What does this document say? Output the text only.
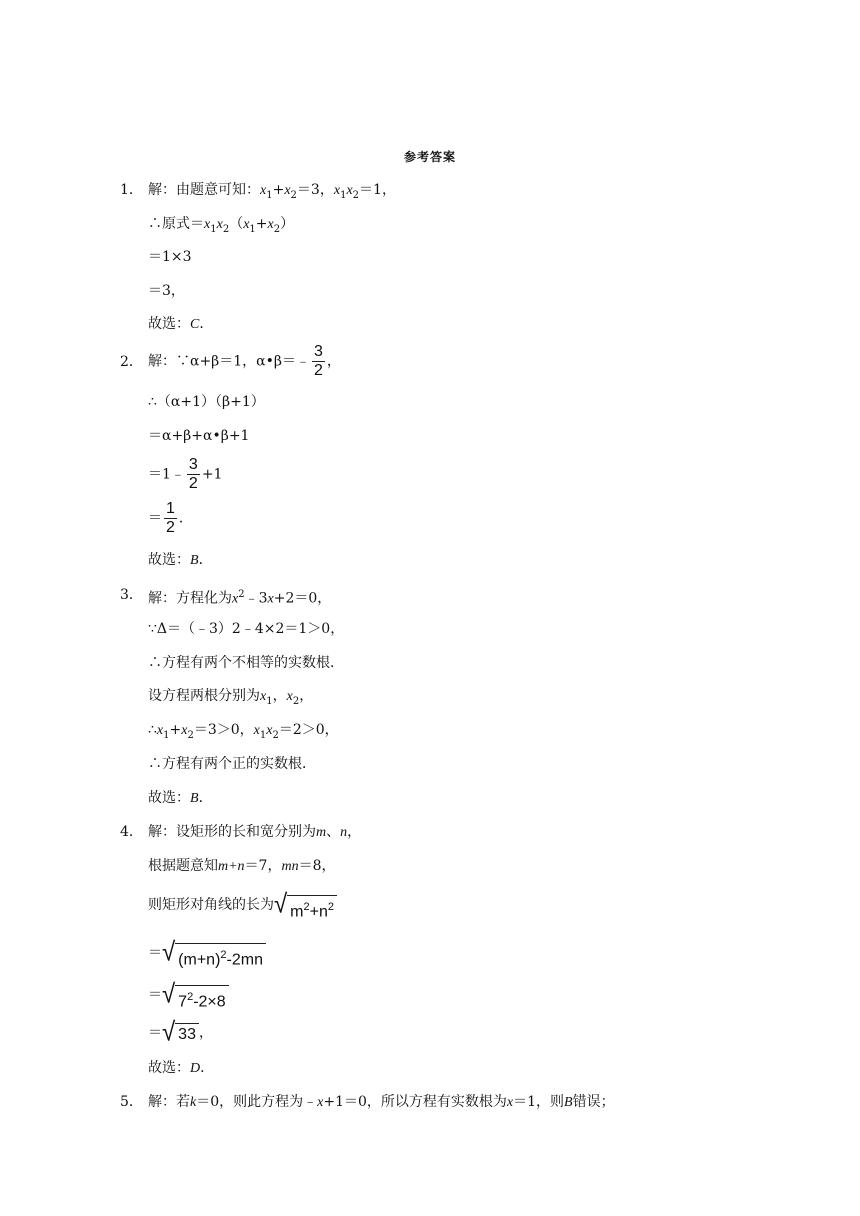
参考答案
1． 解：由题意可知：$x_1+x_2=3$，$x_1x_2=1$，
∴原式$=x_1x_2(x_1+x_2)$
＝1×3
＝3，
故选：C．
2． 解：∵α+β＝1，α•β＝﹣ $\frac{3}{2}$ ，
∴（α+1）（β+1）
＝α+β+α•β+1
＝1﹣ $\frac{3}{2} +1$
＝ $\frac{1}{2}$ ．
故选：B．
3． 解：方程化为$x^2﹣3x+2=0$，
∵Δ＝（﹣3）2﹣4×2＝1＞0，
∴方程有两个不相等的实数根．
设方程两根分别为$x_1$，$x_2$，
$\therefore x_1+x_2=3>0$，$x_1x_2=2>0$，
∴方程有两个正的实数根．
故选：B．
4． 解：设矩形的长和宽分别为m、n，
根据题意知m+n＝7，mn＝8，
则矩形对角线的长为√ $m^2+n^2$
＝√ $(m+n)^2-2mn$
＝√ $7^2-2\times 8$
＝√ 33 ，
故选：D．
5． 解：若k＝0，则此方程为﹣x+1＝0，所以方程有实数根为x＝1，则B错误；
